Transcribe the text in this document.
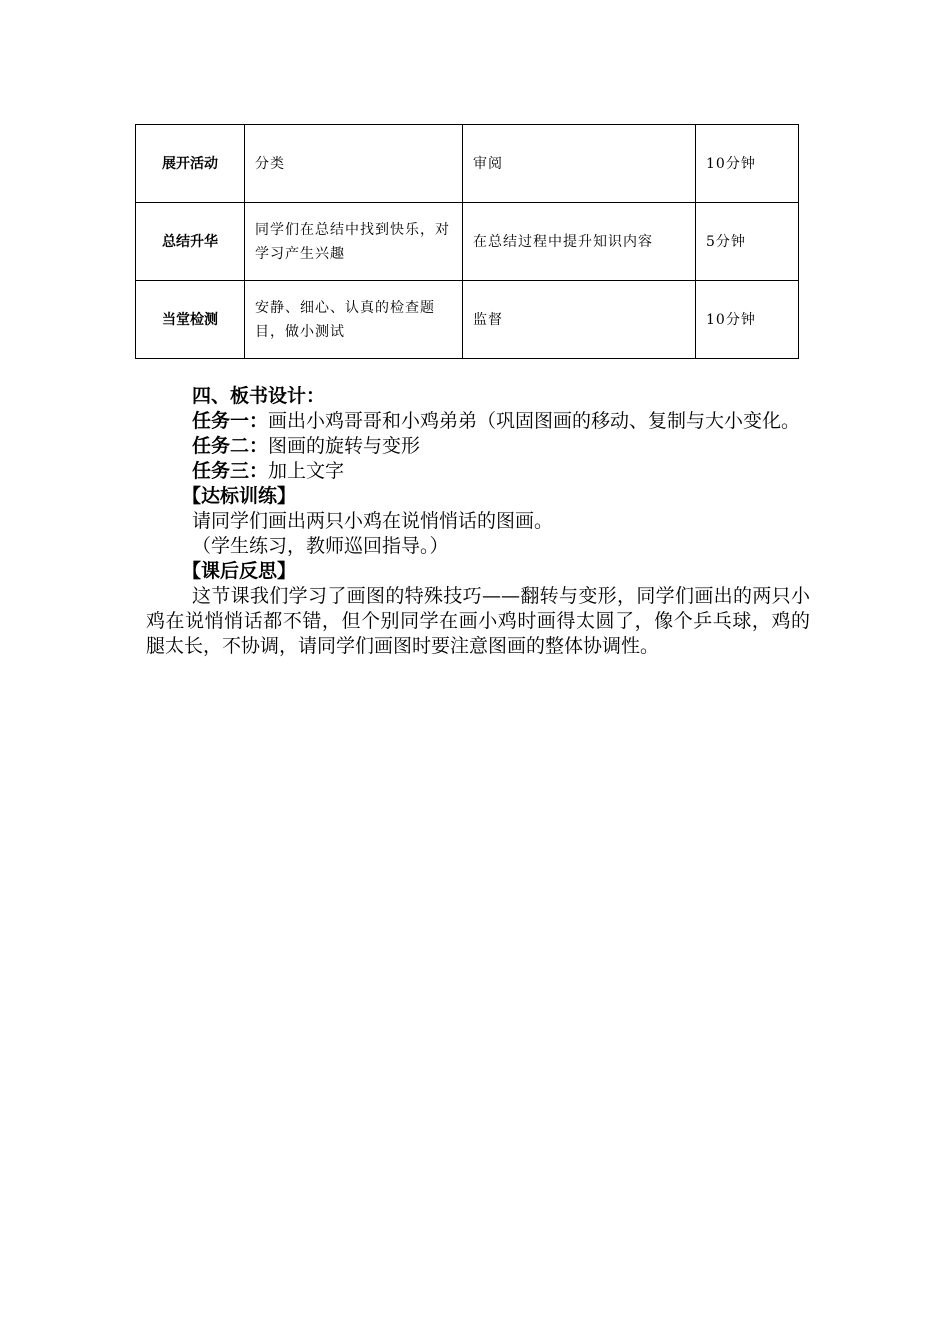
展开活动	分类	审阅	10分钟
总结升华	同学们在总结中找到快乐，对学习产生兴趣	在总结过程中提升知识内容	5分钟
当堂检测	安静、细心、认真的检查题目，做小测试	监督	10分钟

四、板书设计：

任务一：画出小鸡哥哥和小鸡弟弟（巩固图画的移动、复制与大小变化。

任务二：图画的旋转与变形

任务三：加上文字

【达标训练】

请同学们画出两只小鸡在说悄悄话的图画。

（学生练习，教师巡回指导。）

【课后反思】

这节课我们学习了画图的特殊技巧——翻转与变形，同学们画出的两只小鸡在说悄悄话都不错，但个别同学在画小鸡时画得太圆了，像个乒乓球，鸡的腿太长，不协调，请同学们画图时要注意图画的整体协调性。
